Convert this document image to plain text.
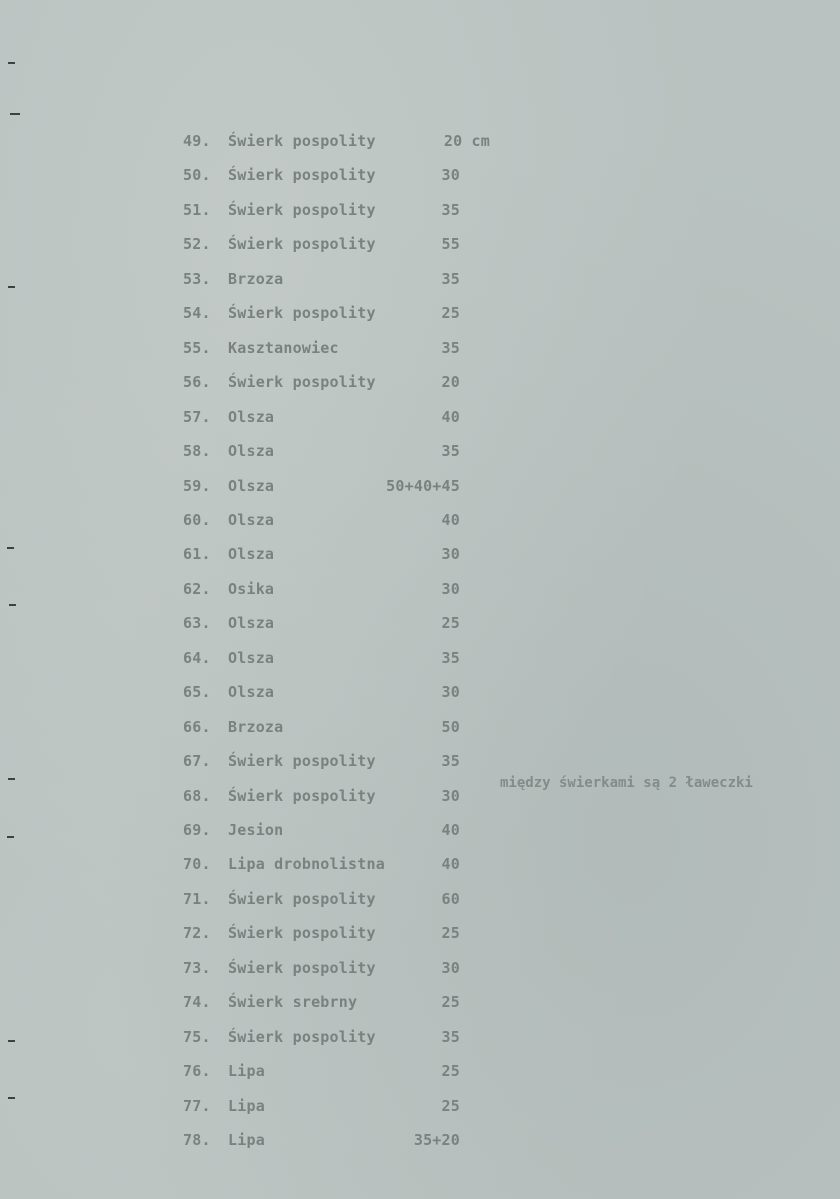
49.	Świerk pospolity	20 cm
50.	Świerk pospolity	30
51.	Świerk pospolity	35
52.	Świerk pospolity	55
53.	Brzoza	35
54.	Świerk pospolity	25
55.	Kasztanowiec	35
56.	Świerk pospolity	20
57.	Olsza	40
58.	Olsza	35
59.	Olsza	50+40+45
60.	Olsza	40
61.	Olsza	30
62.	Osika	30
63.	Olsza	25
64.	Olsza	35
65.	Olsza	30
66.	Brzoza	50
67.	Świerk pospolity	35
68.	Świerk pospolity	30
69.	Jesion	40
70.	Lipa drobnolistna	40
71.	Świerk pospolity	60
72.	Świerk pospolity	25
73.	Świerk pospolity	30
74.	Świerk srebrny	25
75.	Świerk pospolity	35
76.	Lipa	25
77.	Lipa	25
78.	Lipa	35+20
między świerkami są 2 ławeczki
